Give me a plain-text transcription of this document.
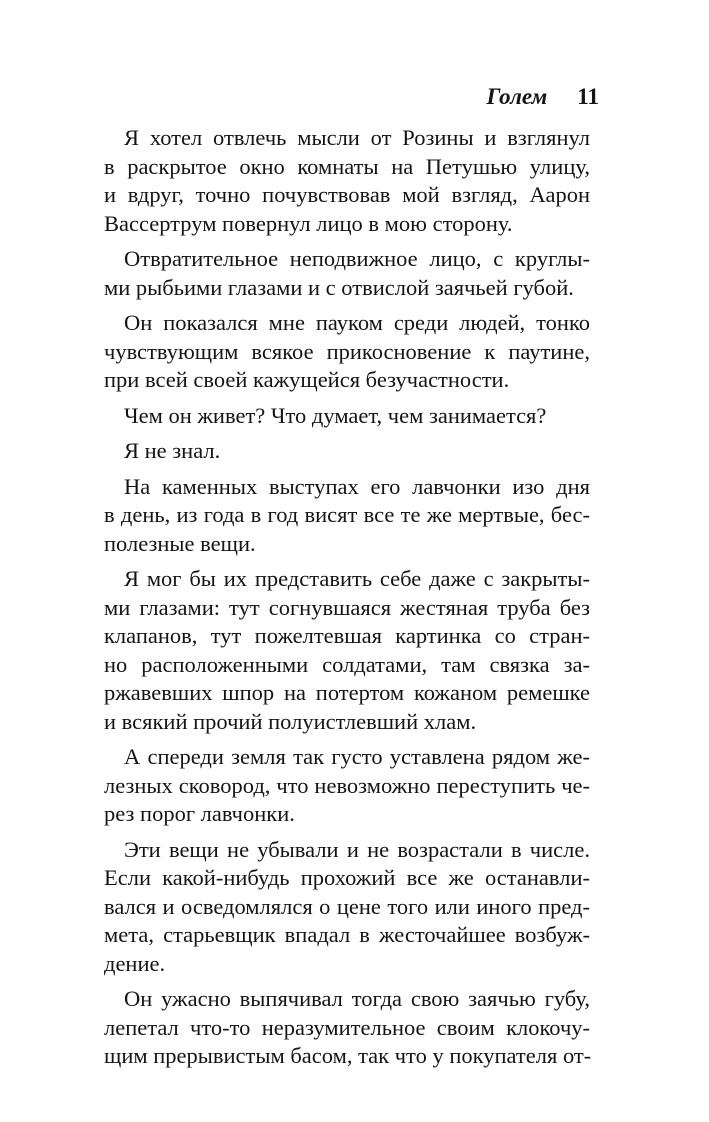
Голем 11
Я хотел отвлечь мысли от Розины и взглянул
в раскрытое окно комнаты на Петушью улицу,
и вдруг, точно почувствовав мой взгляд, Аарон
Вассертрум повернул лицо в мою сторону.
Отвратительное неподвижное лицо, с круглы-
ми рыбьими глазами и с отвислой заячьей губой.
Он показался мне пауком среди людей, тонко
чувствующим всякое прикосновение к паутине,
при всей своей кажущейся безучастности.
Чем он живет? Что думает, чем занимается?
Я не знал.
На каменных выступах его лавчонки изо дня
в день, из года в год висят все те же мертвые, бес-
полезные вещи.
Я мог бы их представить себе даже с закрыты-
ми глазами: тут согнувшаяся жестяная труба без
клапанов, тут пожелтевшая картинка со стран-
но расположенными солдатами, там связка за-
ржавевших шпор на потертом кожаном ремешке
и всякий прочий полуистлевший хлам.
А спереди земля так густо уставлена рядом же-
лезных сковород, что невозможно переступить че-
рез порог лавчонки.
Эти вещи не убывали и не возрастали в числе.
Если какой-нибудь прохожий все же останавли-
вался и осведомлялся о цене того или иного пред-
мета, старьевщик впадал в жесточайшее возбуж-
дение.
Он ужасно выпячивал тогда свою заячью губу,
лепетал что-то неразумительное своим клокочу-
щим прерывистым басом, так что у покупателя от-
